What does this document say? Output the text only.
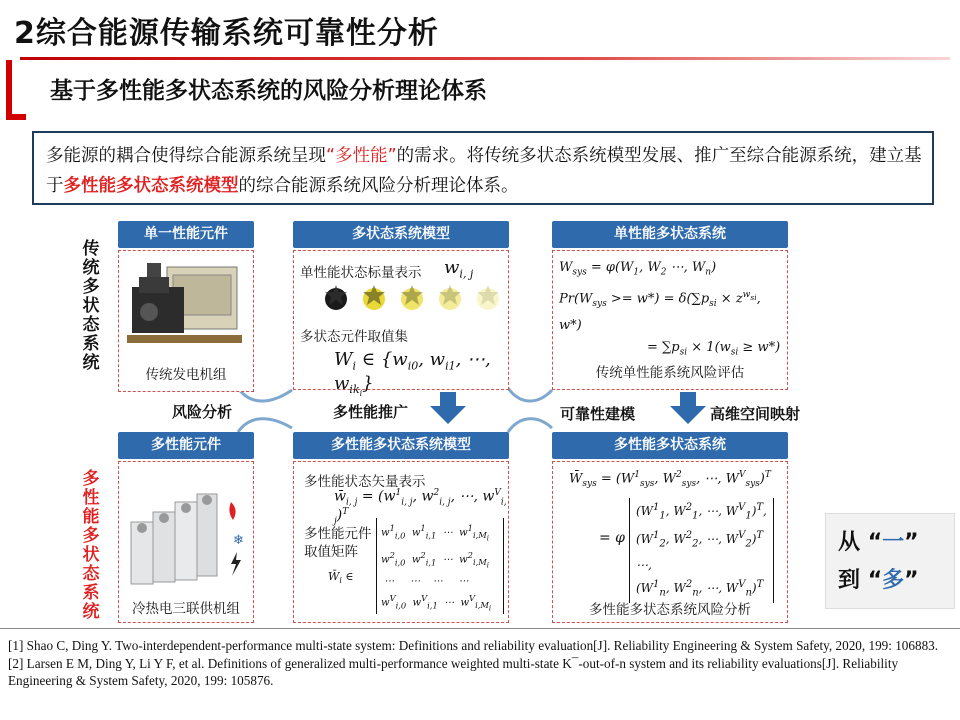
2综合能源传输系统可靠性分析
基于多性能多状态系统的风险分析理论体系
多能源的耦合使得综合能源系统呈现“多性能”的需求。将传统多状态系统模型发展、推广至综合能源系统，建立基于多性能多状态系统模型的综合能源系统风险分析理论体系。
传统多状态系统
多性能多状态系统
风险分析	多性能推广	可靠性建模	高维空间映射
单一性能元件
传统发电机组
多状态系统模型
单性能状态标量表示 $w_{i, j}$
多状态元件取值集
$W_i$ ∈ {$w_{i0}$, $w_{i1}$, ⋯, $w_{ik_i}$}
单性能多状态系统
$W_{sys} = \varphi(W_1$, $W_2$ ⋯, $W_n$)
$Pr(W_{sys} >= w*) = \delta(\sum p_{si} \times z^{w_{si}}$, w*)
= $\sum p_{si} \times 1(w_{si} \ge w*)$
传统单性能系统风险评估
多性能元件
❄
冷热电三联供机组
多性能多状态系统模型
多性能状态矢量表示
$w̄_{i, j} = (w^1_{i, j}$, $w^2_{i, j}$, ⋯, $w^V_{i, j})^T$
多性能元件
取值矩阵
$W̄_i$ ∈
$w^1_{i,0}$  $w^1_{i,1}$  ⋯  $w^1_{i,M_i}$
$w^2_{i,0}$  $w^2_{i,1}$  ⋯  $w^2_{i,M_i}$
⋯     ⋯    ⋯     ⋯
$w^V_{i,0}$  $w^V_{i,1}$  ⋯  $w^V_{i,M_i}$
多性能多状态系统
$W̄_{sys} = (W^1_{sys}$, $W^2_{sys}$, ⋯, $W^V_{sys})^T$
= φ
($W^1_1$, $W^2_1$, ⋯, $W^V_1)^T$,
($W^1_2$, $W^2_2$, ⋯, $W^V_2)^T$
⋯,
($W^1_n$, $W^2_n$, ⋯, $W^V_n)^T$
多性能多状态系统风险分析
从 “一”
到 “多”
[1] Shao C, Ding Y. Two-interdependent-performance multi-state system: Definitions and reliability evaluation[J]. Reliability Engineering & System Safety, 2020, 199: 106883.
[2] Larsen E M, Ding Y, Li Y F, et al. Definitions of generalized multi-performance weighted multi-state K¯-out-of-n system and its reliability evaluations[J]. Reliability Engineering & System Safety, 2020, 199: 105876.
